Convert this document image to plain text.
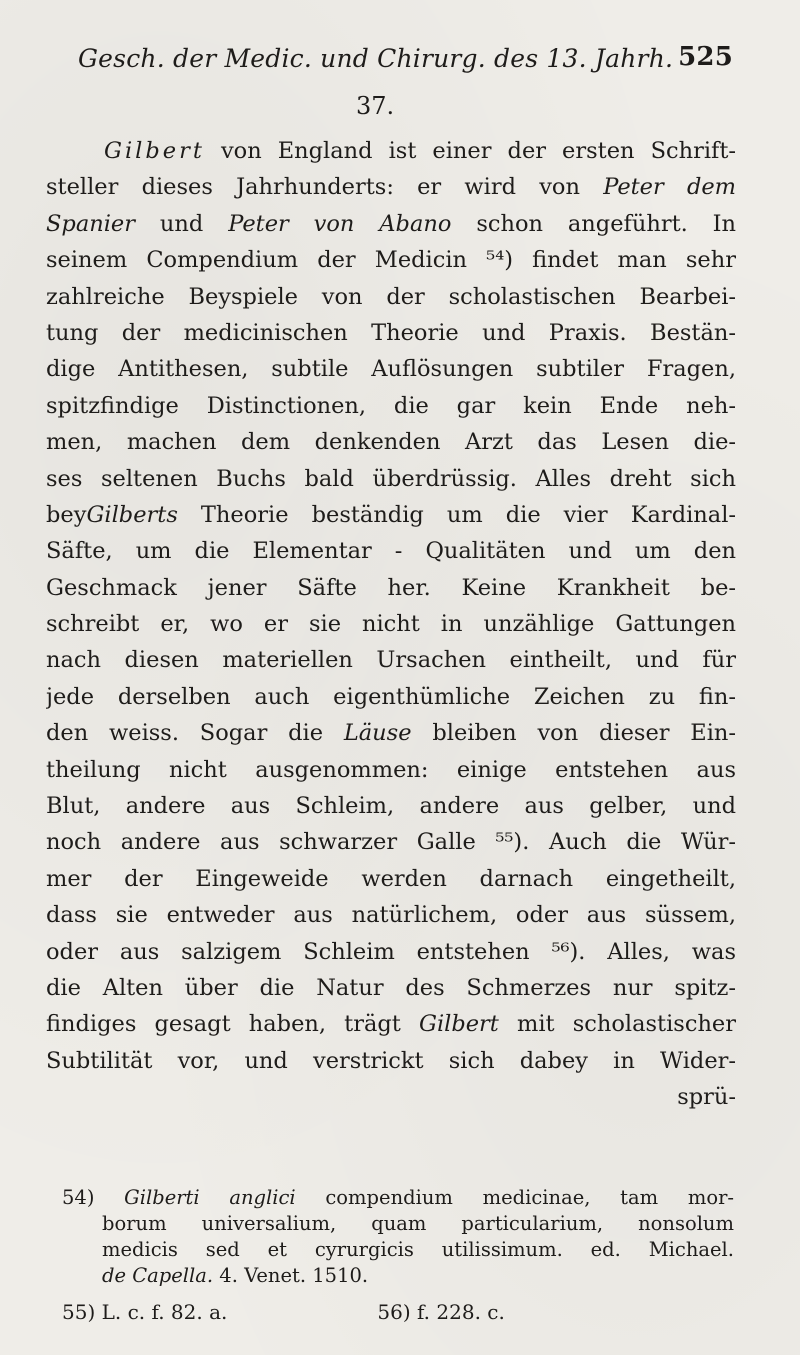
Gesch. der Medic. und Chirurg. des 13. Jahrh. 525
37.
Gilbert von England ist einer der ersten Schrift-
steller dieses Jahrhunderts: er wird von Peter dem
Spanier und Peter von Abano schon angeführt. In
seinem Compendium der Medicin ⁵⁴) findet man sehr
zahlreiche Beyspiele von der scholastischen Bearbei-
tung der medicinischen Theorie und Praxis. Bestän-
dige Antithesen, subtile Auflösungen subtiler Fragen,
spitzfindige Distinctionen, die gar kein Ende neh-
men, machen dem denkenden Arzt das Lesen die-
ses seltenen Buchs bald überdrüssig. Alles dreht sich
beyGilberts Theorie beständig um die vier Kardinal-
Säfte, um die Elementar - Qualitäten und um den
Geschmack jener Säfte her. Keine Krankheit be-
schreibt er, wo er sie nicht in unzählige Gattungen
nach diesen materiellen Ursachen eintheilt, und für
jede derselben auch eigenthümliche Zeichen zu fin-
den weiss. Sogar die Läuse bleiben von dieser Ein-
theilung nicht ausgenommen: einige entstehen aus
Blut, andere aus Schleim, andere aus gelber, und
noch andere aus schwarzer Galle ⁵⁵). Auch die Wür-
mer der Eingeweide werden darnach eingetheilt,
dass sie entweder aus natürlichem, oder aus süssem,
oder aus salzigem Schleim entstehen ⁵⁶). Alles, was
die Alten über die Natur des Schmerzes nur spitz-
findiges gesagt haben, trägt Gilbert mit scholastischer
Subtilität vor, und verstrickt sich dabey in Wider-
sprü-
54) Gilberti anglici compendium medicinae, tam mor-
borum universalium, quam particularium, nonsolum
medicis sed et cyrurgicis utilissimum. ed. Michael.
de Capella. 4. Venet. 1510.
55) L. c. f. 82. a.	56) f. 228. c.
